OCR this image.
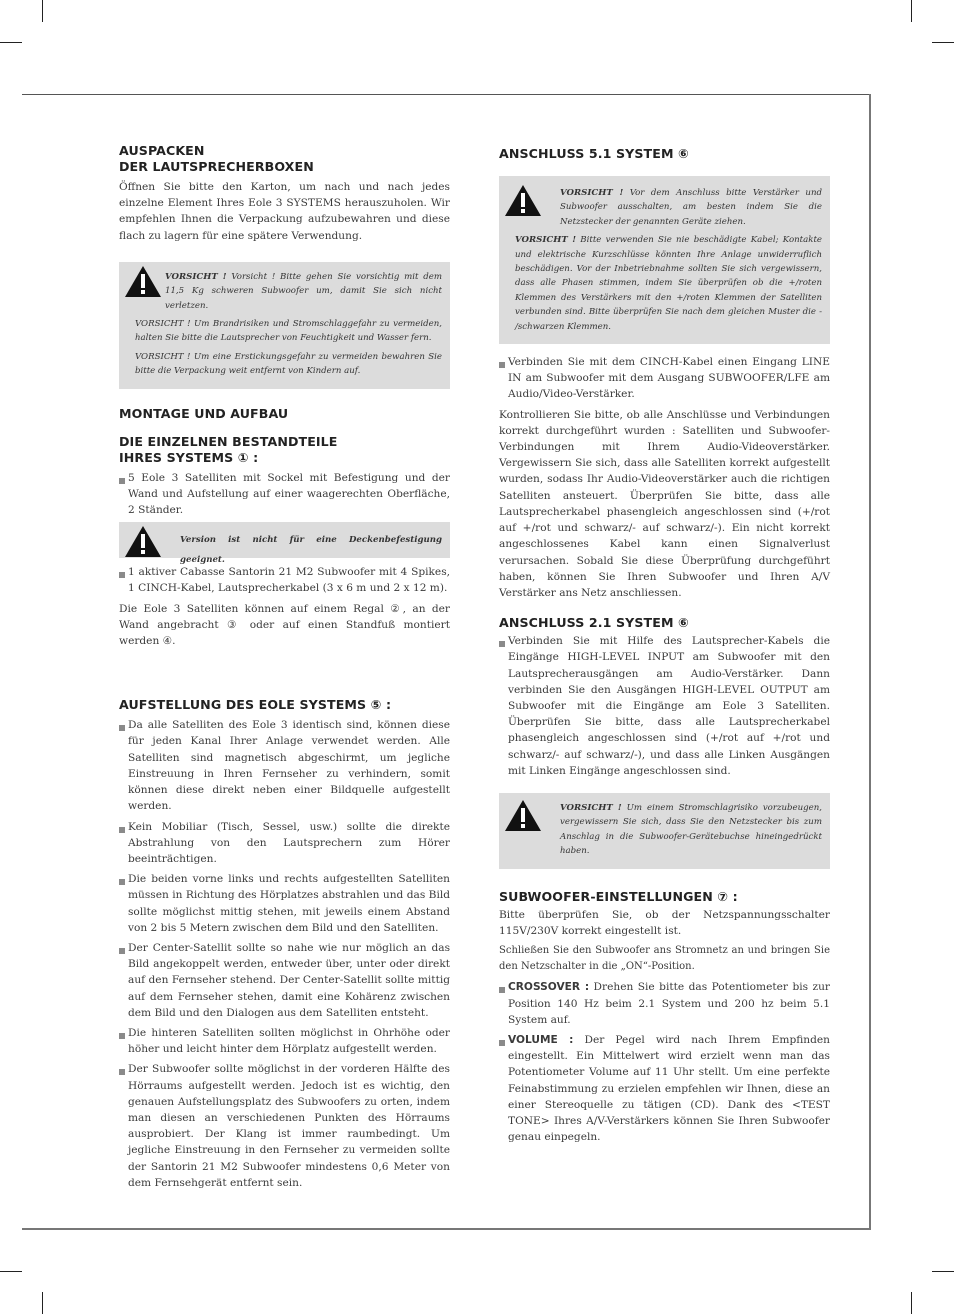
AUSPACKEN
DER LAUTSPRECHERBOXEN

Öffnen Sie bitte den Karton, um nach und nach jedes einzelne Element Ihres Eole 3 SYSTEMS herauszuholen. Wir empfehlen Ihnen die Verpackung aufzubewahren und diese flach zu lagern für eine spätere Verwendung.

VORSICHT ! Vorsicht ! Bitte gehen Sie vorsichtig mit dem 11,5 Kg schweren Subwoofer um, damit Sie sich nicht verletzen.

VORSICHT ! Um Brandrisiken und Stromschlaggefahr zu vermeiden, halten Sie bitte die Lautsprecher von Feuchtigkeit und Wasser fern.

VORSICHT ! Um eine Erstickungsgefahr zu vermeiden bewahren Sie bitte die Verpackung weit entfernt von Kindern auf.

MONTAGE UND AUFBAU
DIE EINZELNEN BESTANDTEILE
IHRES SYSTEMS ① :

5 Eole 3 Satelliten mit Sockel mit Befestigung und der Wand und Aufstellung auf einer waagerechten Oberfläche, 2 Ständer.

Version ist nicht für eine Deckenbefestigung geeignet.

1 aktiver Cabasse Santorin 21 M2 Subwoofer mit 4 Spikes, 1 CINCH-Kabel, Lautsprecherkabel (3 x 6 m und 2 x 12 m).

Die Eole 3 Satelliten können auf einem Regal ②, an der Wand angebracht ③ oder auf einen Standfuß montiert werden ④.

AUFSTELLUNG DES EOLE SYSTEMS ⑤ :

Da alle Satelliten des Eole 3 identisch sind, können diese für jeden Kanal Ihrer Anlage verwendet werden. Alle Satelliten sind magnetisch abgeschirmt, um jegliche Einstreuung in Ihren Fernseher zu verhindern, somit können diese direkt neben einer Bildquelle aufgestellt werden.

Kein Mobiliar (Tisch, Sessel, usw.) sollte die direkte Abstrahlung von den Lautsprechern zum Hörer beeinträchtigen.

Die beiden vorne links und rechts aufgestellten Satelliten müssen in Richtung des Hörplatzes abstrahlen und das Bild sollte möglichst mittig stehen, mit jeweils einem Abstand von 2 bis 5 Metern zwischen dem Bild und den Satelliten.

Der Center-Satellit sollte so nahe wie nur möglich an das Bild angekoppelt werden, entweder über, unter oder direkt auf den Fernseher stehend. Der Center-Satellit sollte mittig auf dem Fernseher stehen, damit eine Kohärenz zwischen dem Bild und den Dialogen aus dem Satelliten entsteht.

Die hinteren Satelliten sollten möglichst in Ohrhöhe oder höher und leicht hinter dem Hörplatz aufgestellt werden.

Der Subwoofer sollte möglichst in der vorderen Hälfte des Hörraums aufgestellt werden. Jedoch ist es wichtig, den genauen Aufstellungsplatz des Subwoofers zu orten, indem man diesen an verschiedenen Punkten des Hörraums ausprobiert. Der Klang ist immer raumbedingt. Um jegliche Einstreuung in den Fernseher zu vermeiden sollte der Santorin 21 M2 Subwoofer mindestens 0,6 Meter von dem Fernsehgerät entfernt sein.

ANSCHLUSS 5.1 SYSTEM ⑥

VORSICHT ! Vor dem Anschluss bitte Verstärker und Subwoofer ausschalten, am besten indem Sie die Netzstecker der genannten Geräte ziehen.

VORSICHT ! Bitte verwenden Sie nie beschädigte Kabel; Kontakte und elektrische Kurzschlüsse könnten Ihre Anlage unwiderruflich beschädigen. Vor der Inbetriebnahme sollten Sie sich vergewissern, dass alle Phasen stimmen, indem Sie überprüfen ob die +/roten Klemmen des Verstärkers mit den +/roten Klemmen der Satelliten verbunden sind. Bitte überprüfen Sie nach dem gleichen Muster die - /schwarzen Klemmen.

Verbinden Sie mit dem CINCH-Kabel einen Eingang LINE IN am Subwoofer mit dem Ausgang SUBWOOFER/LFE am Audio/Video-Verstärker.

Kontrollieren Sie bitte, ob alle Anschlüsse und Verbindungen korrekt durchgeführt wurden : Satelliten und Subwoofer-Verbindungen mit Ihrem Audio-Videoverstärker. Vergewissern Sie sich, dass alle Satelliten korrekt aufgestellt wurden, sodass Ihr Audio-Videoverstärker auch die richtigen Satelliten ansteuert. Überprüfen Sie bitte, dass alle Lautsprecherkabel phasengleich angeschlossen sind (+/rot auf +/rot und schwarz/- auf schwarz/-). Ein nicht korrekt angeschlossenes Kabel kann einen Signalverlust verursachen. Sobald Sie diese Überprüfung durchgeführt haben, können Sie Ihren Subwoofer und Ihren A/V Verstärker ans Netz anschliessen.

ANSCHLUSS 2.1 SYSTEM ⑥

Verbinden Sie mit Hilfe des Lautsprecher-Kabels die Eingänge HIGH-LEVEL INPUT am Subwoofer mit den Lautsprecherausgängen am Audio-Verstärker. Dann verbinden Sie den Ausgängen HIGH-LEVEL OUTPUT am Subwoofer mit die Eingänge am Eole 3 Satelliten. Überprüfen Sie bitte, dass alle Lautsprecherkabel phasengleich angeschlossen sind (+/rot auf +/rot und schwarz/- auf schwarz/-), und dass alle Linken Ausgängen mit Linken Eingänge angeschlossen sind.

VORSICHT ! Um einem Stromschlagrisiko vorzubeugen, vergewissern Sie sich, dass Sie den Netzstecker bis zum Anschlag in die Subwoofer-Gerätebuchse hineingedrückt haben.

SUBWOOFER-EINSTELLUNGEN ⑦ :

Bitte überprüfen Sie, ob der Netzspannungsschalter 115V/230V korrekt eingestellt ist.

Schließen Sie den Subwoofer ans Stromnetz an und bringen Sie den Netzschalter in die „ON“-Position.

CROSSOVER : Drehen Sie bitte das Potentiometer bis zur Position 140 Hz beim 2.1 System und 200 hz beim 5.1 System auf.

VOLUME : Der Pegel wird nach Ihrem Empfinden eingestellt. Ein Mittelwert wird erzielt wenn man das Potentiometer Volume auf 11 Uhr stellt. Um eine perfekte Feinabstimmung zu erzielen empfehlen wir Ihnen, diese an einer Stereoquelle zu tätigen (CD). Dank des <TEST TONE> Ihres A/V-Verstärkers können Sie Ihren Subwoofer genau einpegeln.
